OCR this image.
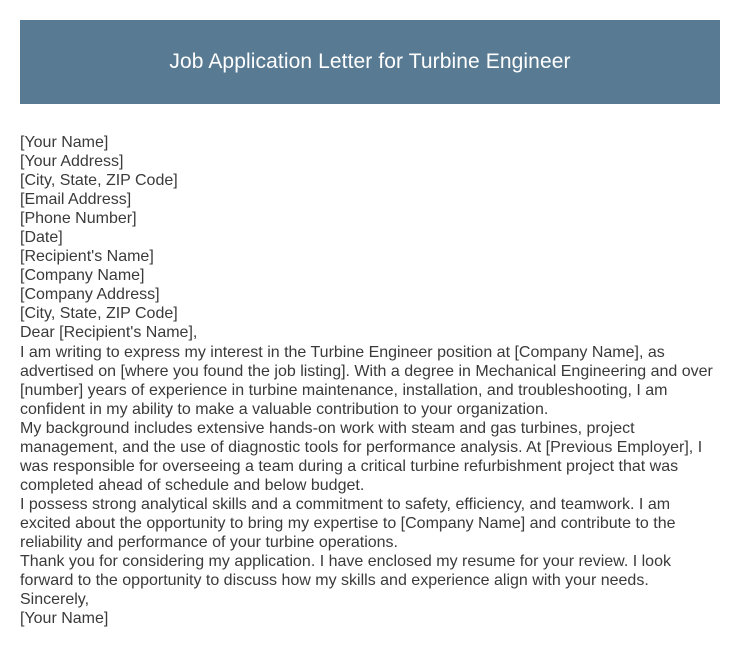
Job Application Letter for Turbine Engineer

[Your Name]

[Your Address]

[City, State, ZIP Code]

[Email Address]

[Phone Number]

[Date]

[Recipient's Name]

[Company Name]

[Company Address]

[City, State, ZIP Code]

Dear [Recipient's Name],

I am writing to express my interest in the Turbine Engineer position at [Company Name], as advertised on [where you found the job listing]. With a degree in Mechanical Engineering and over [number] years of experience in turbine maintenance, installation, and troubleshooting, I am confident in my ability to make a valuable contribution to your organization.

My background includes extensive hands-on work with steam and gas turbines, project management, and the use of diagnostic tools for performance analysis. At [Previous Employer], I was responsible for overseeing a team during a critical turbine refurbishment project that was completed ahead of schedule and below budget.

I possess strong analytical skills and a commitment to safety, efficiency, and teamwork. I am excited about the opportunity to bring my expertise to [Company Name] and contribute to the reliability and performance of your turbine operations.

Thank you for considering my application. I have enclosed my resume for your review. I look forward to the opportunity to discuss how my skills and experience align with your needs.

Sincerely,

[Your Name]
